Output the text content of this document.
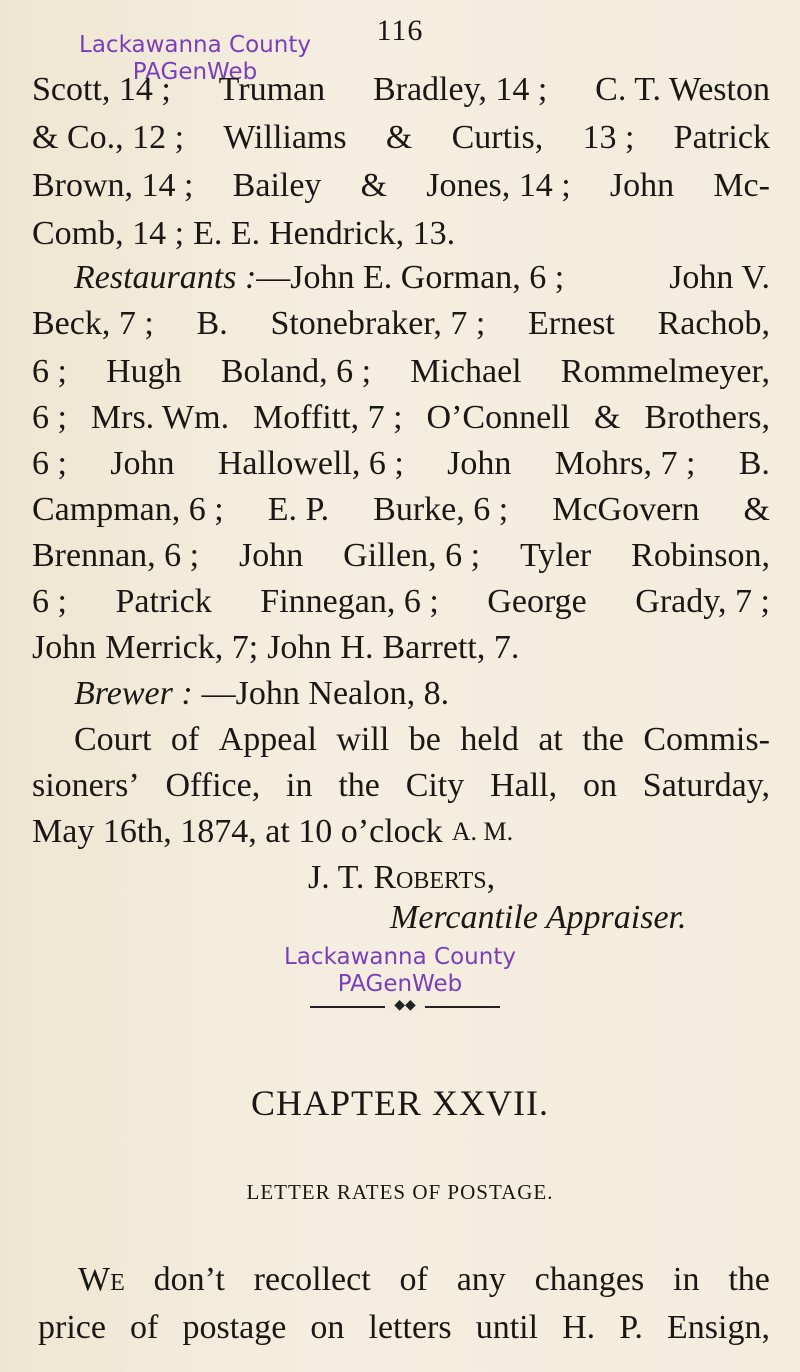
116
Lackawanna County
PAGenWeb
Scott, 14 ; Truman Bradley, 14 ; C. T. Weston
& Co., 12 ; Williams & Curtis, 13 ; Patrick
Brown, 14 ; Bailey & Jones, 14 ; John Mc-
Comb, 14 ; E. E. Hendrick, 13.
Restaurants :—John E. Gorman, 6 ;	John V.
Beck, 7 ; B. Stonebraker, 7 ; Ernest Rachob,
6 ; Hugh Boland, 6 ; Michael Rommelmeyer,
6 ; Mrs. Wm. Moffitt, 7 ; O’Connell & Brothers,
6 ; John Hallowell, 6 ; John Mohrs, 7 ; B.
Campman, 6 ; E. P. Burke, 6 ; McGovern &
Brennan, 6 ; John Gillen, 6 ; Tyler Robinson,
6 ; Patrick Finnegan, 6 ; George Grady, 7 ;
John Merrick, 7; John H. Barrett, 7.
Brewer : —John Nealon, 8.
Court of Appeal will be held at the Commis-
sioners’ Office, in the City Hall, on Saturday,
May 16th, 1874, at 10 o’clock A. M.
J. T. Roberts,
Mercantile Appraiser.
Lackawanna County
PAGenWeb
◆◆
CHAPTER XXVII.
LETTER RATES OF POSTAGE.
We don’t recollect of any changes in the
price of postage on letters until H. P. Ensign,
